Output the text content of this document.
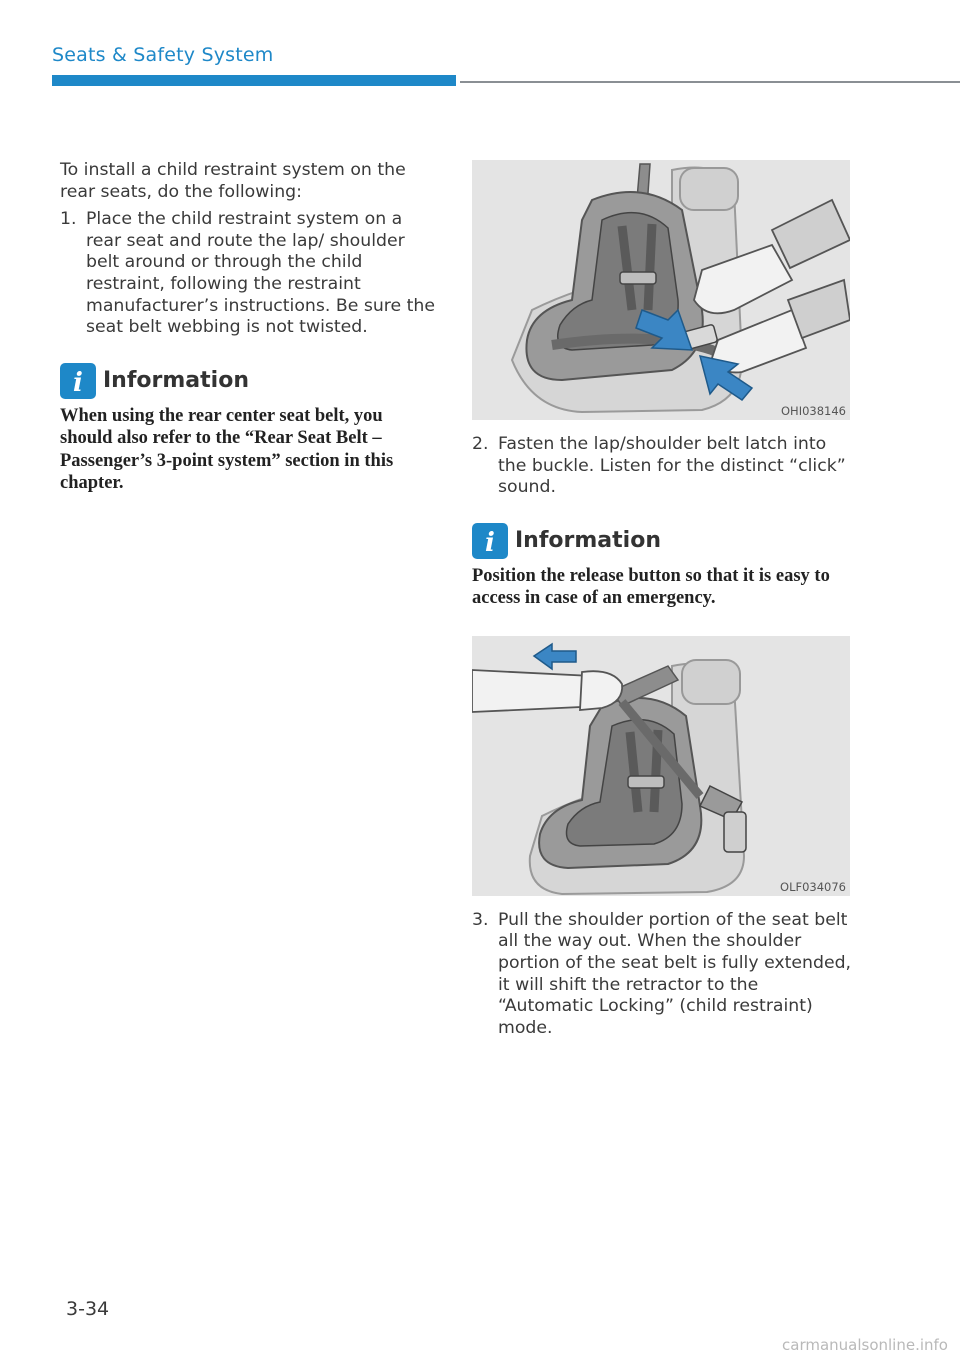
Seats & Safety System

To install a child restraint system on the rear seats, do the following:

1. Place the child restraint system on a rear seat and route the lap/ shoulder belt around or through the child restraint, following the restraint manufacturer’s instructions. Be sure the seat belt webbing is not twisted.
i Information

When using the rear center seat belt, you should also refer to the “Rear Seat Belt – Passenger’s 3-point system” section in this chapter.

OHI038146
2. Fasten the lap/shoulder belt latch into the buckle. Listen for the distinct “click” sound.
i Information

Position the release button so that it is easy to access in case of an emergency.

OLF034076
3. Pull the shoulder portion of the seat belt all the way out. When the shoulder portion of the seat belt is fully extended, it will shift the retractor to the “Automatic Locking” (child restraint) mode.
3-34
carmanualsonline.info
